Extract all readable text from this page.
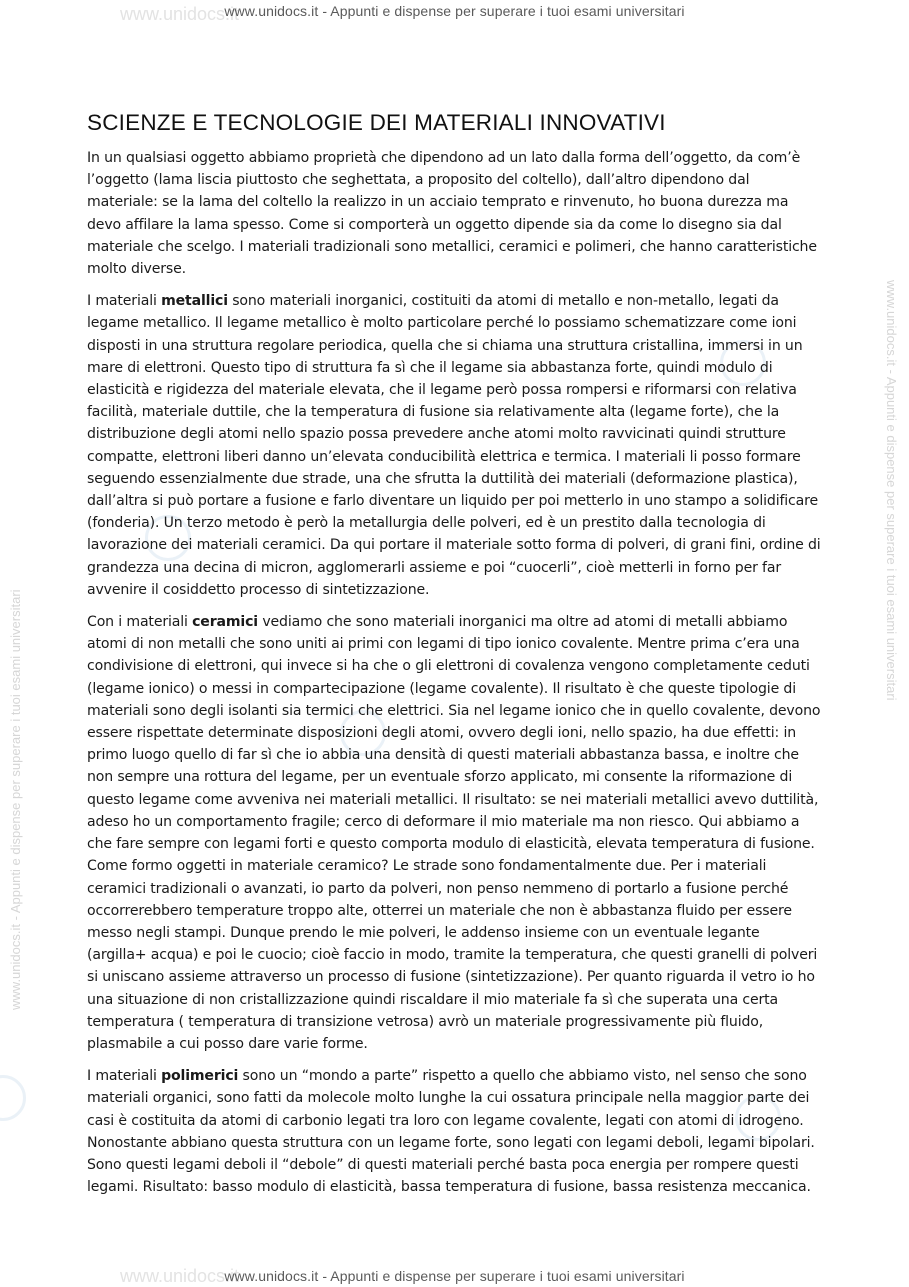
www.unidocs.it
www.unidocs.it
www.unidocs.it - Appunti e dispense per superare i tuoi esami universitari
www.unidocs.it - Appunti e dispense per superare i tuoi esami universitari
www.unidocs.it - Appunti e dispense per superare i tuoi esami universitari
www.unidocs.it - Appunti e dispense per superare i tuoi esami universitari
SCIENZE E TECNOLOGIE DEI MATERIALI INNOVATIVI

In un qualsiasi oggetto abbiamo proprietà che dipendono ad un lato dalla forma dell’oggetto, da com’è l’oggetto (lama liscia piuttosto che seghettata, a proposito del coltello), dall’altro dipendono dal materiale: se la lama del coltello la realizzo in un acciaio temprato e rinvenuto, ho buona durezza ma devo affilare la lama spesso. Come si comporterà un oggetto dipende sia da come lo disegno sia dal materiale che scelgo. I materiali tradizionali sono metallici, ceramici e polimeri, che hanno caratteristiche molto diverse.

I materiali metallici sono materiali inorganici, costituiti da atomi di metallo e non-metallo, legati da legame metallico. Il legame metallico è molto particolare perché lo possiamo schematizzare come ioni disposti in una struttura regolare periodica, quella che si chiama una struttura cristallina, immersi in un mare di elettroni. Questo tipo di struttura fa sì che il legame sia abbastanza forte, quindi modulo di elasticità e rigidezza del materiale elevata, che il legame però possa rompersi e riformarsi con relativa facilità, materiale duttile, che la temperatura di fusione sia relativamente alta (legame forte), che la distribuzione degli atomi nello spazio possa prevedere anche atomi molto ravvicinati quindi strutture compatte, elettroni liberi danno un’elevata conducibilità elettrica e termica. I materiali li posso formare seguendo essenzialmente due strade, una che sfrutta la duttilità dei materiali (deformazione plastica), dall’altra si può portare a fusione e farlo diventare un liquido per poi metterlo in uno stampo a solidificare (fonderia). Un terzo metodo è però la metallurgia delle polveri, ed è un prestito dalla tecnologia di lavorazione dei materiali ceramici. Da qui portare il materiale sotto forma di polveri, di grani fini, ordine di grandezza una decina di micron, agglomerarli assieme e poi “cuocerli”, cioè metterli in forno per far avvenire il cosiddetto processo di sintetizzazione.

Con i materiali ceramici vediamo che sono materiali inorganici ma oltre ad atomi di metalli abbiamo atomi di non metalli che sono uniti ai primi con legami di tipo ionico covalente. Mentre prima c’era una condivisione di elettroni, qui invece si ha che o gli elettroni di covalenza vengono completamente ceduti (legame ionico) o messi in compartecipazione (legame covalente). Il risultato è che queste tipologie di materiali sono degli isolanti sia termici che elettrici. Sia nel legame ionico che in quello covalente, devono essere rispettate determinate disposizioni degli atomi, ovvero degli ioni, nello spazio, ha due effetti: in primo luogo quello di far sì che io abbia una densità di questi materiali abbastanza bassa, e inoltre che non sempre una rottura del legame, per un eventuale sforzo applicato, mi consente la riformazione di questo legame come avveniva nei materiali metallici. Il risultato: se nei materiali metallici avevo duttilità, adeso ho un comportamento fragile; cerco di deformare il mio materiale ma non riesco. Qui abbiamo a che fare sempre con legami forti e questo comporta modulo di elasticità, elevata temperatura di fusione. Come formo oggetti in materiale ceramico? Le strade sono fondamentalmente due. Per i materiali ceramici tradizionali o avanzati, io parto da polveri, non penso nemmeno di portarlo a fusione perché occorrerebbero temperature troppo alte, otterrei un materiale che non è abbastanza fluido per essere messo negli stampi. Dunque prendo le mie polveri, le addenso insieme con un eventuale legante (argilla+ acqua) e poi le cuocio; cioè faccio in modo, tramite la temperatura, che questi granelli di polveri si uniscano assieme attraverso un processo di fusione (sintetizzazione). Per quanto riguarda il vetro io ho una situazione di non cristallizzazione quindi riscaldare il mio materiale fa sì che superata una certa temperatura ( temperatura di transizione vetrosa) avrò un materiale progressivamente più fluido, plasmabile a cui posso dare varie forme.

I materiali polimerici sono un “mondo a parte” rispetto a quello che abbiamo visto, nel senso che sono materiali organici, sono fatti da molecole molto lunghe la cui ossatura principale nella maggior parte dei casi è costituita da atomi di carbonio legati tra loro con legame covalente, legati con atomi di idrogeno. Nonostante abbiano questa struttura con un legame forte, sono legati con legami deboli, legami bipolari. Sono questi legami deboli il “debole” di questi materiali perché basta poca energia per rompere questi legami. Risultato: basso modulo di elasticità, bassa temperatura di fusione, bassa resistenza meccanica.
